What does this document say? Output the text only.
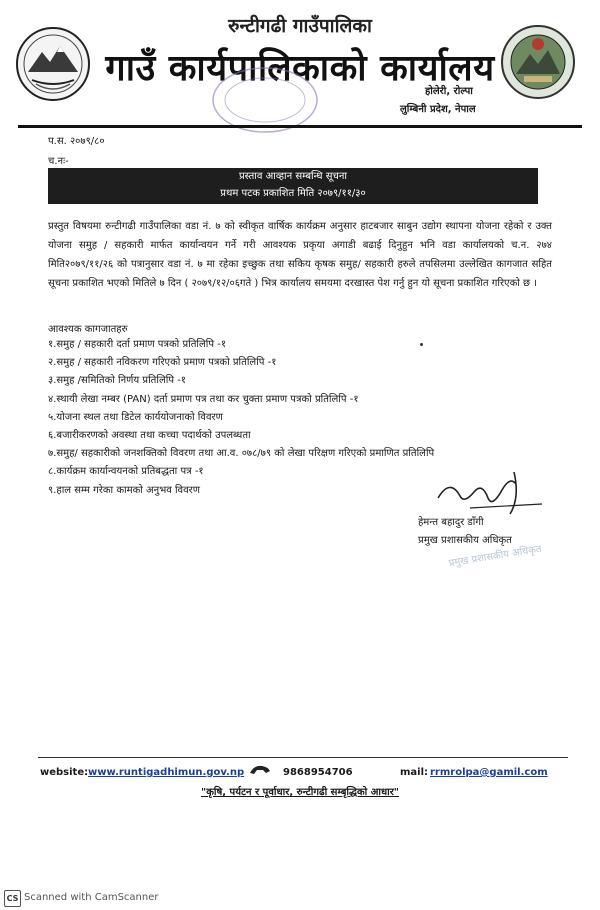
रुन्टीगढी गाउँपालिका
गाउँ कार्यपालिकाको कार्यालय
होलेरी, रोल्पा
लुम्बिनी प्रदेश, नेपाल
प.स. २०७९/८०
च.नः-
प्रस्ताव आव्हान सम्बन्धि सूचना
प्रथम पटक प्रकाशित मिति २०७९/११/३०
प्रस्तुत विषयमा रुन्टीगढी गाउँपालिका वडा नं. ७ को स्वीकृत वार्षिक कार्यक्रम अनुसार हाटबजार साबुन उद्योग स्थापना योजना रहेको र उक्त योजना समुह / सहकारी मार्फत कार्यान्वयन गर्ने गरी आवश्यक प्रकृया अगाडी बढाई दिनुहुन भनि वडा कार्यालयको च.न. २७४ मिति२०७९/११/२६ को पत्रानुसार वडा नं. ७ मा रहेका इच्छुक तथा सकिय कृषक समुह/ सहकारी हरुले तपसिलमा उल्लेखित कागजात सहित सूचना प्रकाशित भएको मितिले ७ दिन ( २०७९/१२/०६गते ) भित्र कार्यालय समयमा दरखास्त पेश गर्नु हुन यो सूचना प्रकाशित गरिएको छ ।
आवश्यक कागजातहरु
१.समुह / सहकारी दर्ता प्रमाण पत्रको प्रतिलिपि -१
२.समुह / सहकारी नविकरण गरिएको प्रमाण पत्रको प्रतिलिपि -१
३.समुह /समितिको निर्णय प्रतिलिपि -१
४.स्थायी लेखा नम्बर (PAN) दर्ता प्रमाण पत्र तथा कर चुक्ता प्रमाण पत्रको प्रतिलिपि -१
५.योजना स्थल तथा डिटेल कार्ययोजनाको विवरण
६.बजारीकरणको अवस्था तथा कच्चा पदार्थको उपलब्धता
७.समुह/ सहकारीको जनशक्तिको विवरण तथा आ.व. ०७८/७९ को लेखा परिक्षण गरिएको प्रमाणित प्रतिलिपि
८.कार्यक्रम कार्यान्वयनको प्रतिबद्धता पत्र -१
९.हाल सम्म गरेका कामको अनुभव विवरण
हेमन्त बहादुर डाँगी
प्रमुख प्रशासकीय अधिकृत
प्रमुख प्रशासकीय अधिकृत
website: www.runtigadhimun.gov.np	9868954706	mail: rrmrolpa@gamil.com
"कृषि, पर्यटन र पूर्वाधार, रुन्टीगढी सम्बृद्धिको आधार"
CS Scanned with CamScanner
